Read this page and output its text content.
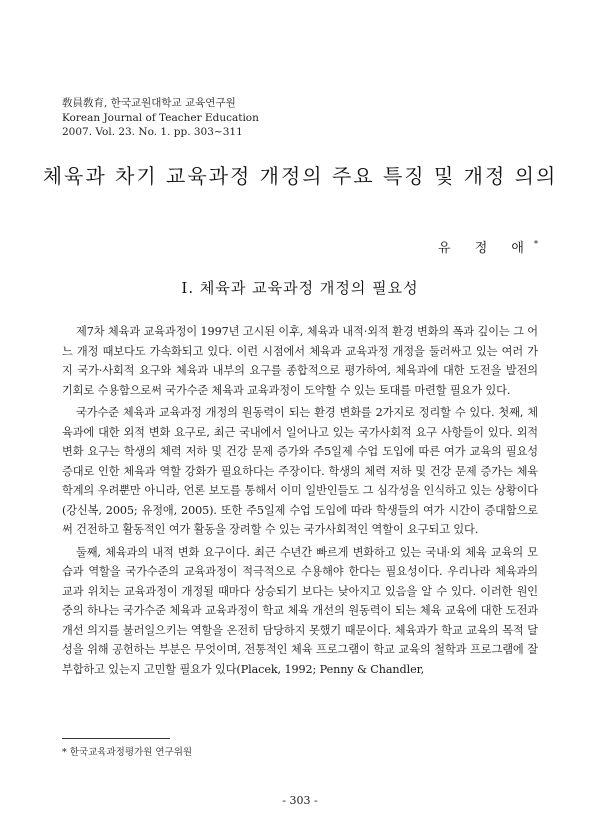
敎員敎育, 한국교원대학교 교육연구원
Korean Journal of Teacher Education
2007. Vol. 23. No. 1. pp. 303~311
체육과 차기 교육과정 개정의 주요 특징 및 개정 의의
유 정 애*
Ⅰ. 체육과 교육과정 개정의 필요성

제7차 체육과 교육과정이 1997년 고시된 이후, 체육과 내적·외적 환경 변화의 폭과 깊이는 그 어느 개정 때보다도 가속화되고 있다. 이런 시점에서 체육과 교육과정 개정을 둘러싸고 있는 여러 가지 국가·사회적 요구와 체육과 내부의 요구를 종합적으로 평가하여, 체육과에 대한 도전을 발전의 기회로 수용함으로써 국가수준 체육과 교육과정이 도약할 수 있는 토대를 마련할 필요가 있다.

국가수준 체육과 교육과정 개정의 원동력이 되는 환경 변화를 2가지로 정리할 수 있다. 첫째, 체육과에 대한 외적 변화 요구로, 최근 국내에서 일어나고 있는 국가사회적 요구 사항들이 있다. 외적 변화 요구는 학생의 체력 저하 및 건강 문제 증가와 주5일제 수업 도입에 따른 여가 교육의 필요성 증대로 인한 체육과 역할 강화가 필요하다는 주장이다. 학생의 체력 저하 및 건강 문제 증가는 체육학계의 우려뿐만 아니라, 언론 보도를 통해서 이미 일반인들도 그 심각성을 인식하고 있는 상황이다(강신복, 2005; 유정애, 2005). 또한 주5일제 수업 도입에 따라 학생들의 여가 시간이 증대함으로써 건전하고 활동적인 여가 활동을 장려할 수 있는 국가사회적인 역할이 요구되고 있다.

둘째, 체육과의 내적 변화 요구이다. 최근 수년간 빠르게 변화하고 있는 국내·외 체육 교육의 모습과 역할을 국가수준의 교육과정이 적극적으로 수용해야 한다는 필요성이다. 우리나라 체육과의 교과 위치는 교육과정이 개정될 때마다 상승되기 보다는 낮아지고 있음을 알 수 있다. 이러한 원인 중의 하나는 국가수준 체육과 교육과정이 학교 체육 개선의 원동력이 되는 체육 교육에 대한 도전과 개선 의지를 불러일으키는 역할을 온전히 담당하지 못했기 때문이다. 체육과가 학교 교육의 목적 달성을 위해 공헌하는 부분은 무엇이며, 전통적인 체육 프로그램이 학교 교육의 철학과 프로그램에 잘 부합하고 있는지 고민할 필요가 있다(Placek, 1992; Penny & Chandler,

* 한국교육과정평가원 연구위원
- 303 -
